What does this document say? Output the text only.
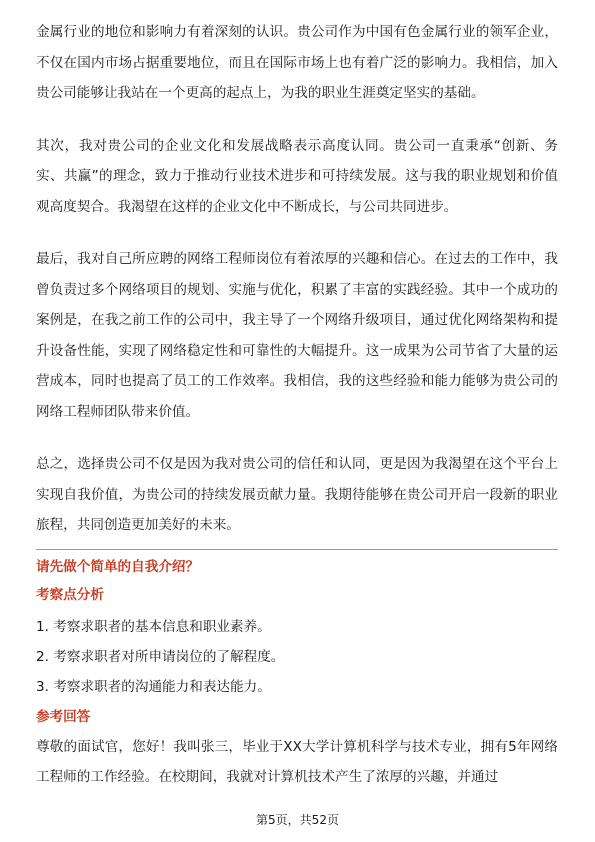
金属行业的地位和影响力有着深刻的认识。贵公司作为中国有色金属行业的领军企业，不仅在国内市场占据重要地位，而且在国际市场上也有着广泛的影响力。我相信，加入贵公司能够让我站在一个更高的起点上，为我的职业生涯奠定坚实的基础。

其次，我对贵公司的企业文化和发展战略表示高度认同。贵公司一直秉承“创新、务实、共赢”的理念，致力于推动行业技术进步和可持续发展。这与我的职业规划和价值观高度契合。我渴望在这样的企业文化中不断成长，与公司共同进步。

最后，我对自己所应聘的网络工程师岗位有着浓厚的兴趣和信心。在过去的工作中，我曾负责过多个网络项目的规划、实施与优化，积累了丰富的实践经验。其中一个成功的案例是，在我之前工作的公司中，我主导了一个网络升级项目，通过优化网络架构和提升设备性能，实现了网络稳定性和可靠性的大幅提升。这一成果为公司节省了大量的运营成本，同时也提高了员工的工作效率。我相信，我的这些经验和能力能够为贵公司的网络工程师团队带来价值。

总之，选择贵公司不仅是因为我对贵公司的信任和认同，更是因为我渴望在这个平台上实现自我价值，为贵公司的持续发展贡献力量。我期待能够在贵公司开启一段新的职业旅程，共同创造更加美好的未来。

请先做个简单的自我介绍？
考察点分析
1. 考察求职者的基本信息和职业素养。
2. 考察求职者对所申请岗位的了解程度。
3. 考察求职者的沟通能力和表达能力。
参考回答

尊敬的面试官，您好！我叫张三，毕业于XX大学计算机科学与技术专业，拥有5年网络工程师的工作经验。在校期间，我就对计算机技术产生了浓厚的兴趣，并通过

第5页，共52页
